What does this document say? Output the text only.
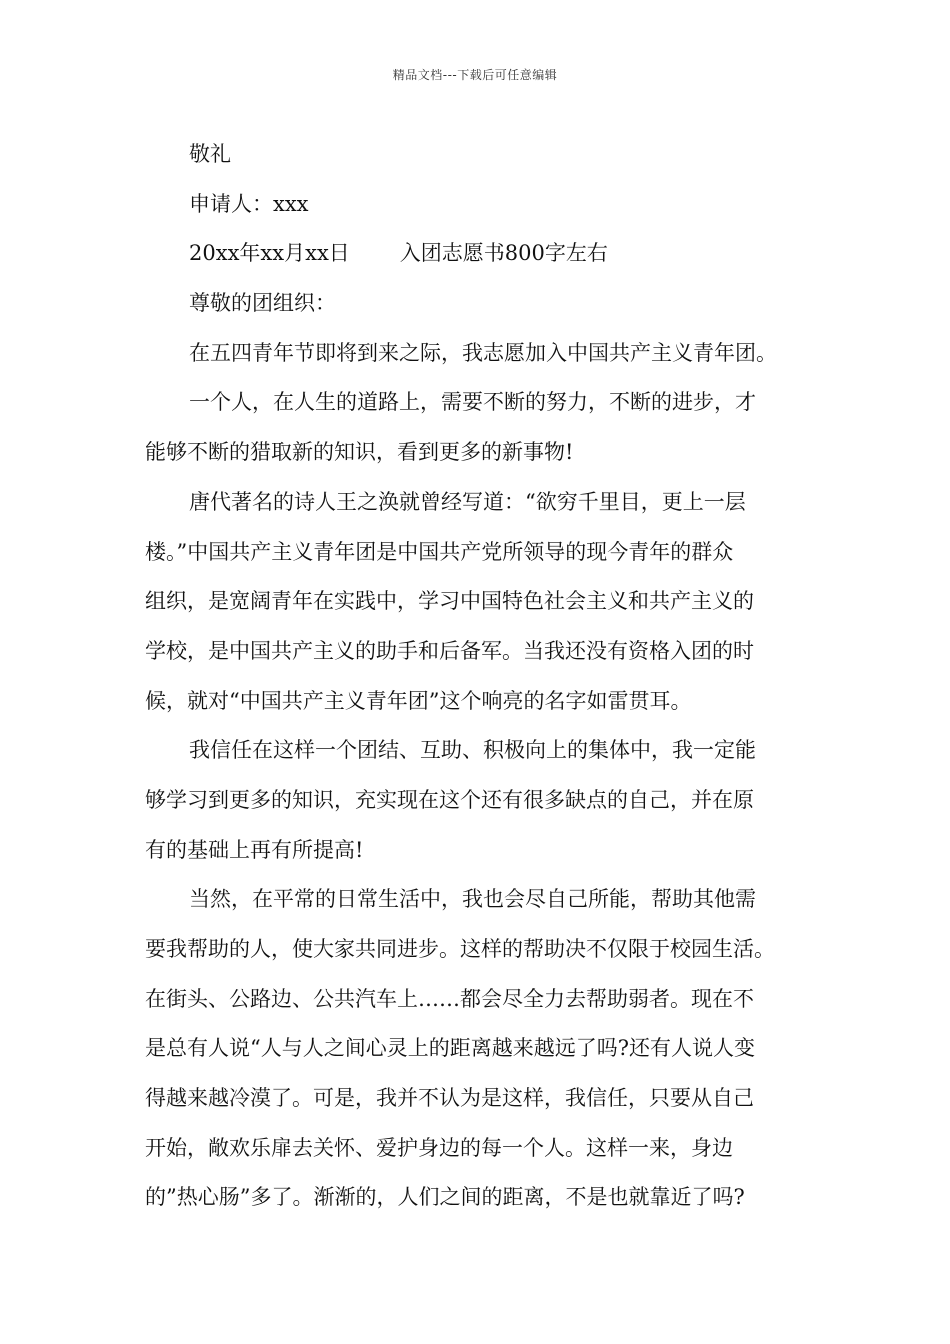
精品文档---下载后可任意编辑
敬礼
申请人：xxx
20xx年xx月xx日 入团志愿书800字左右
尊敬的团组织：
在五四青年节即将到来之际，我志愿加入中国共产主义青年团。
一个人，在人生的道路上，需要不断的努力，不断的进步，才
能够不断的猎取新的知识，看到更多的新事物!
唐代著名的诗人王之涣就曾经写道：“欲穷千里目，更上一层
楼。”中国共产主义青年团是中国共产党所领导的现今青年的群众
组织，是宽阔青年在实践中，学习中国特色社会主义和共产主义的
学校，是中国共产主义的助手和后备军。当我还没有资格入团的时
候，就对“中国共产主义青年团”这个响亮的名字如雷贯耳。
我信任在这样一个团结、互助、积极向上的集体中，我一定能
够学习到更多的知识，充实现在这个还有很多缺点的自己，并在原
有的基础上再有所提高!
当然，在平常的日常生活中，我也会尽自己所能，帮助其他需
要我帮助的人，使大家共同进步。这样的帮助决不仅限于校园生活。
在街头、公路边、公共汽车上……都会尽全力去帮助弱者。现在不
是总有人说“人与人之间心灵上的距离越来越远了吗?还有人说人变
得越来越冷漠了。可是，我并不认为是这样，我信任，只要从自己
开始，敞欢乐扉去关怀、爱护身边的每一个人。这样一来，身边
的”热心肠”多了。渐渐的，人们之间的距离，不是也就靠近了吗?
